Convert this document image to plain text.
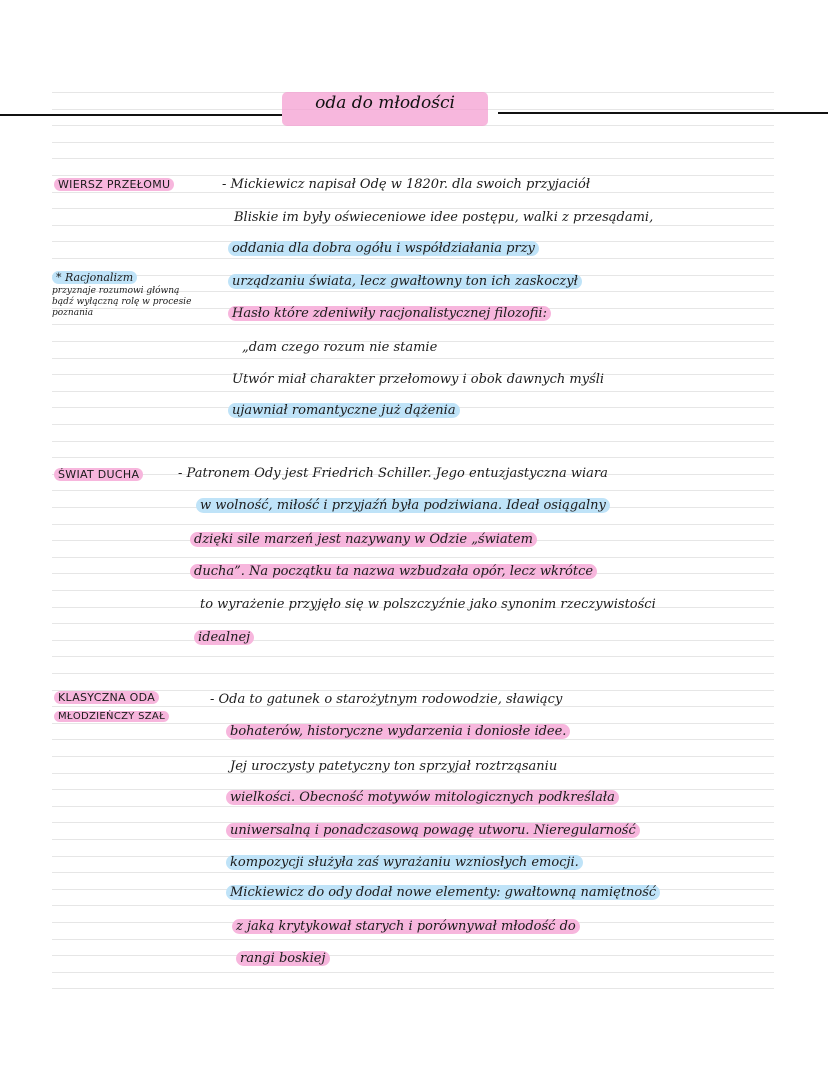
oda do młodości
WIERSZ PRZEŁOMU	- Mickiewicz napisał Odę w 1820r. dla swoich przyjaciół
Bliskie im były oświeceniowe idee postępu, walki z przesądami,
oddania dla dobra ogółu i współdziałania przy
urządzaniu świata, lecz gwałtowny ton ich zaskoczył
Hasło które zdeniwiły racjonalistycznej filozofii:
„dam czego rozum nie stamie
Utwór miał charakter przełomowy i obok dawnych myśli
ujawniał romantyczne już dążenia
* Racjonalizm
przyznaje rozumowi główną bądź wyłączną rolę w procesie poznania
ŚWIAT DUCHA	- Patronem Ody jest Friedrich Schiller. Jego entuzjastyczna wiara
w wolność, miłość i przyjaźń była podziwiana. Ideał osiągalny
dzięki sile marzeń jest nazywany w Odzie „światem
ducha”. Na początku ta nazwa wzbudzała opór, lecz wkrótce
to wyrażenie przyjęło się w polszczyźnie jako synonim rzeczywistości
idealnej
KLASYCZNA ODA
MŁODZIEŃCZY SZAŁ
- Oda to gatunek o starożytnym rodowodzie, sławiący
bohaterów, historyczne wydarzenia i doniosłe idee.
Jej uroczysty patetyczny ton sprzyjał roztrząsaniu
wielkości. Obecność motywów mitologicznych podkreślała
uniwersalną i ponadczasową powagę utworu. Nieregularność
kompozycji służyła zaś wyrażaniu wzniosłych emocji.
Mickiewicz do ody dodał nowe elementy: gwałtowną namiętność
z jaką krytykował starych i porównywał młodość do
rangi boskiej
